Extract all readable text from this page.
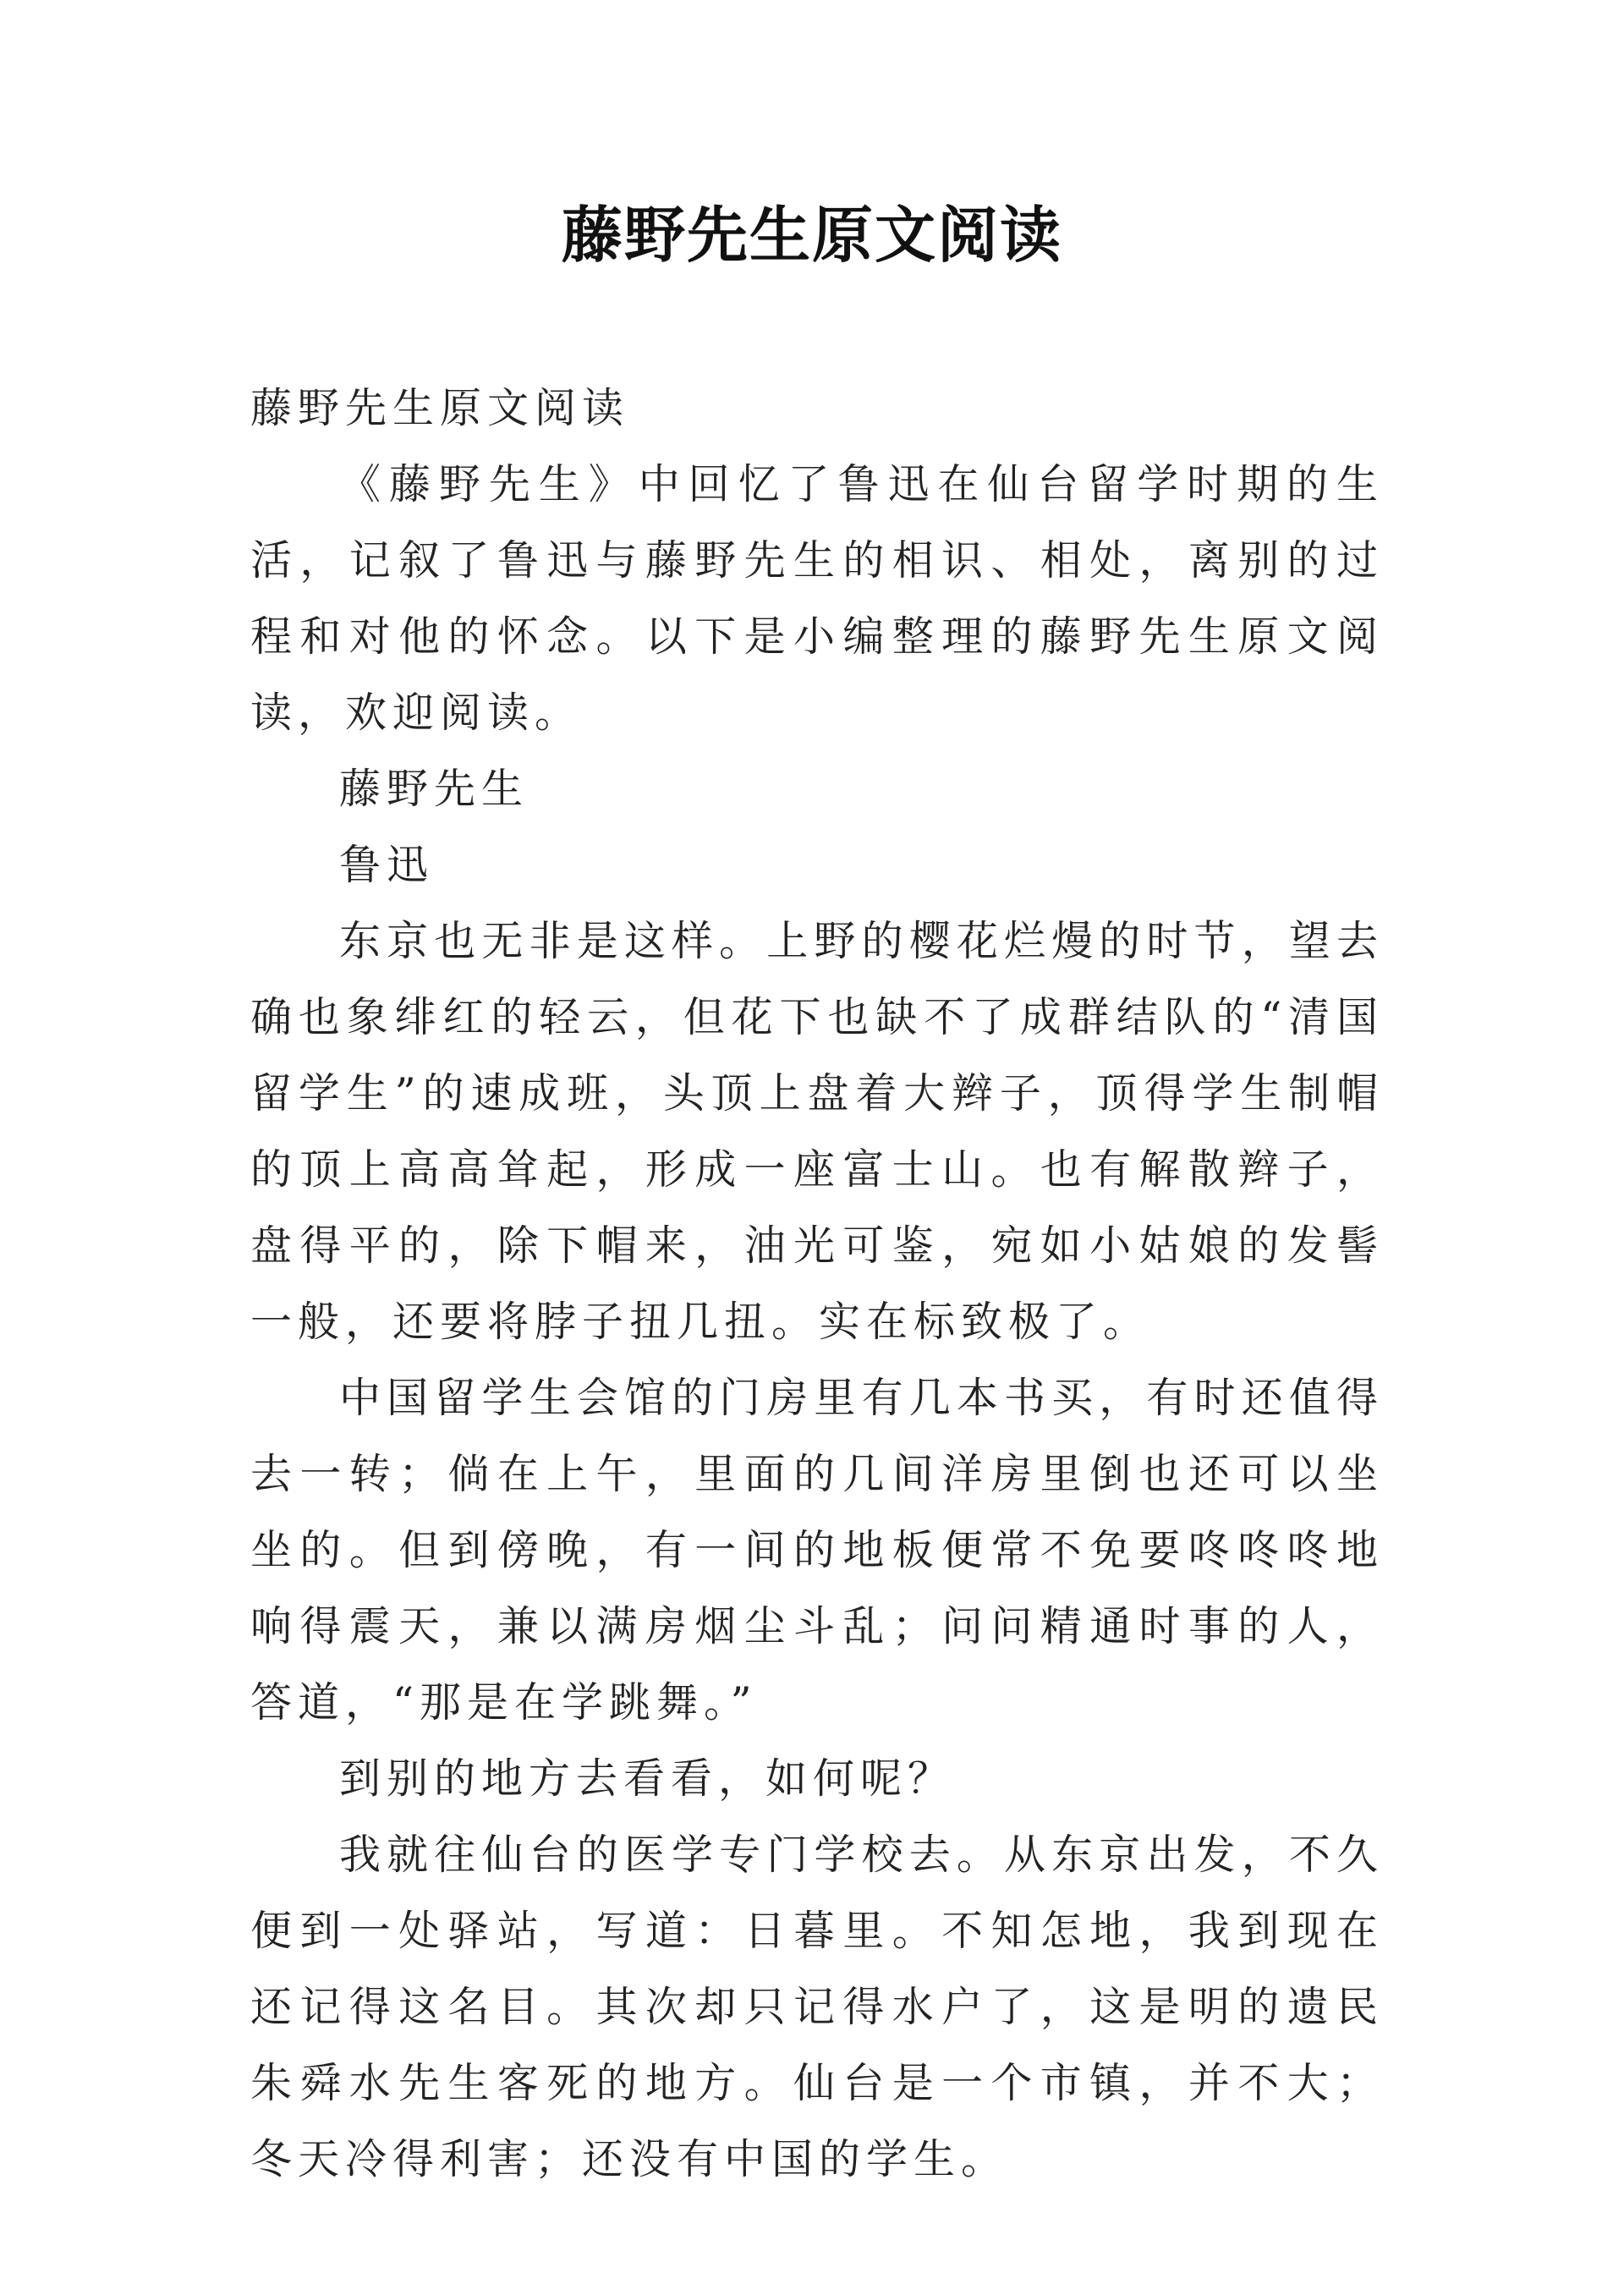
藤野先生原文阅读

藤野先生原文阅读

《藤野先生》中回忆了鲁迅在仙台留学时期的生活，记叙了鲁迅与藤野先生的相识、相处，离别的过程和对他的怀念。以下是小编整理的藤野先生原文阅读，欢迎阅读。

藤野先生

鲁迅

东京也无非是这样。上野的樱花烂熳的时节，望去确也象绯红的轻云，但花下也缺不了成群结队的“清国留学生”的速成班，头顶上盘着大辫子，顶得学生制帽的顶上高高耸起，形成一座富士山。也有解散辫子，盘得平的，除下帽来，油光可鉴，宛如小姑娘的发髻一般，还要将脖子扭几扭。实在标致极了。

中国留学生会馆的门房里有几本书买，有时还值得去一转；倘在上午，里面的几间洋房里倒也还可以坐坐的。但到傍晚，有一间的地板便常不免要咚咚咚地响得震天，兼以满房烟尘斗乱；问问精通时事的人，答道，“那是在学跳舞。”

到别的地方去看看，如何呢？

我就往仙台的医学专门学校去。从东京出发，不久便到一处驿站，写道：日暮里。不知怎地，我到现在还记得这名目。其次却只记得水户了，这是明的遗民朱舜水先生客死的地方。仙台是一个市镇，并不大；冬天冷得利害；还没有中国的学生。
